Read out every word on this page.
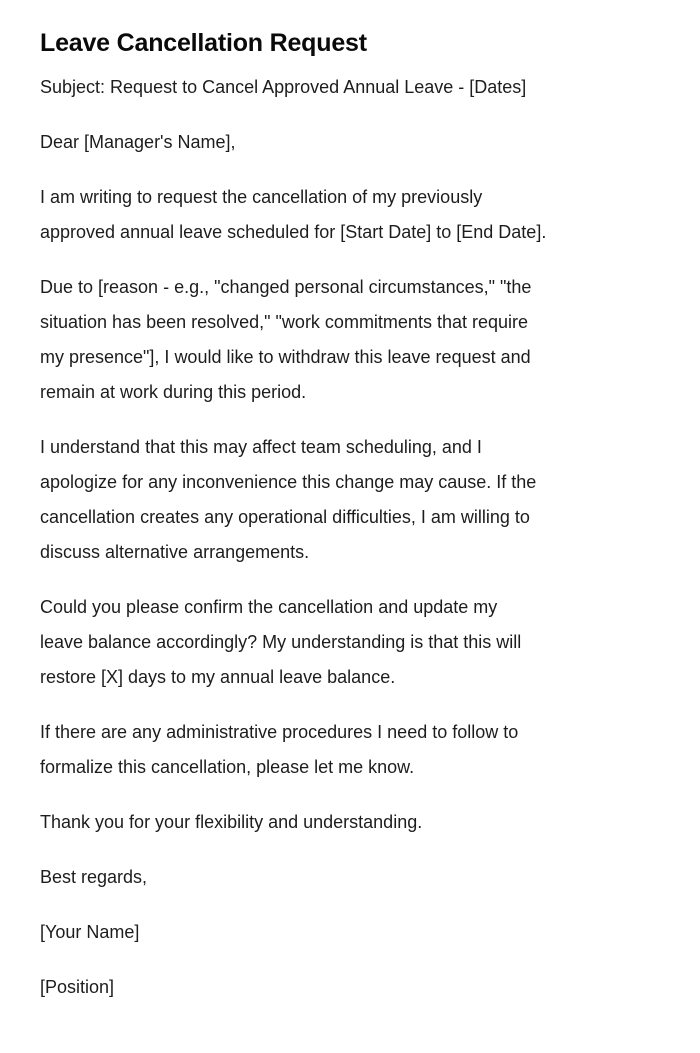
Leave Cancellation Request

Subject: Request to Cancel Approved Annual Leave - [Dates]

Dear [Manager's Name],

I am writing to request the cancellation of my previously
approved annual leave scheduled for [Start Date] to [End Date].

Due to [reason - e.g., "changed personal circumstances," "the
situation has been resolved," "work commitments that require
my presence"], I would like to withdraw this leave request and
remain at work during this period.

I understand that this may affect team scheduling, and I
apologize for any inconvenience this change may cause. If the
cancellation creates any operational difficulties, I am willing to
discuss alternative arrangements.

Could you please confirm the cancellation and update my
leave balance accordingly? My understanding is that this will
restore [X] days to my annual leave balance.

If there are any administrative procedures I need to follow to
formalize this cancellation, please let me know.

Thank you for your flexibility and understanding.

Best regards,

[Your Name]

[Position]
